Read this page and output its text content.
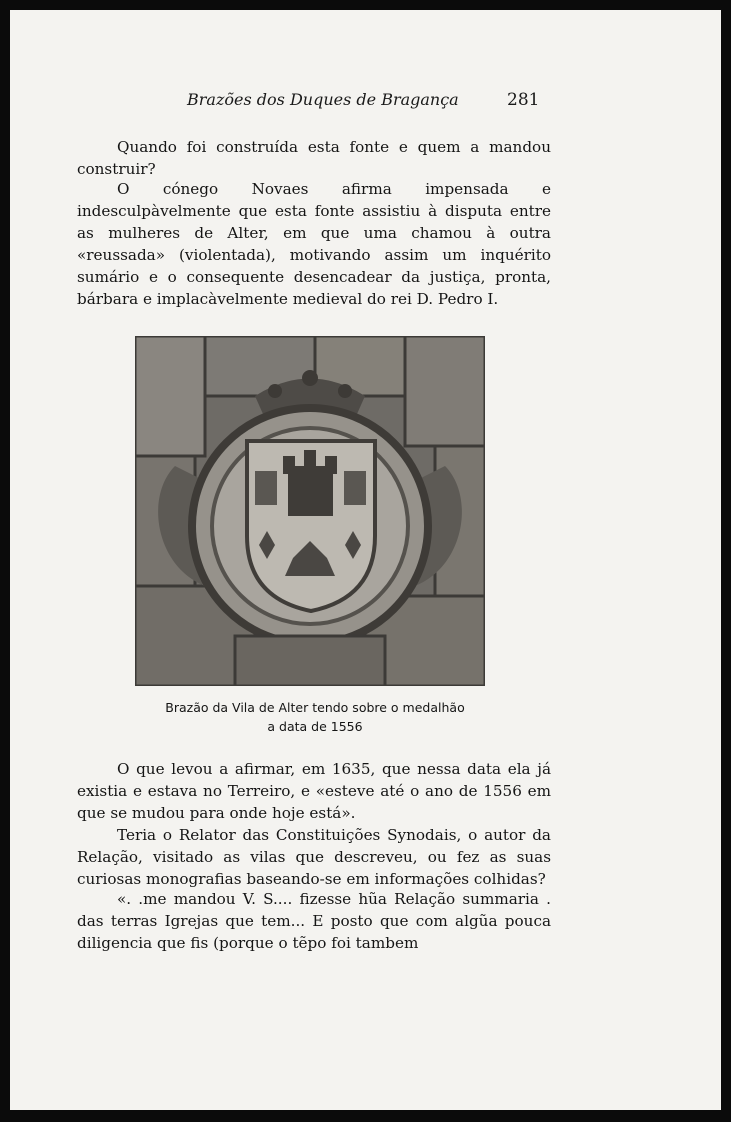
Brazões dos Duques de Bragança	281

Quando foi construída esta fonte e quem a mandou construir?

O cónego Novaes afirma impensada e indesculpàvelmente que esta fonte assistiu à disputa entre as mulheres de Alter, em que uma chamou à outra «reussada» (violentada), motivando assim um inquérito sumário e o consequente desencadear da justiça, pronta, bárbara e implacàvelmente medieval do rei D. Pedro I.

Brazão da Vila de Alter tendo sobre o medalhão
a data de 1556

O que levou a afirmar, em 1635, que nessa data ela já existia e estava no Terreiro, e «esteve até o ano de 1556 em que se mudou para onde hoje está».

Teria o Relator das Constituições Synodais, o autor da Relação, visitado as vilas que descreveu, ou fez as suas curiosas monografias baseando-se em informações colhidas?

«. .me mandou V. S.... fizesse hũa Relação summaria . das terras Igrejas que tem... E posto que com algũa pouca diligencia que fis (porque o tẽpo foi tambem
